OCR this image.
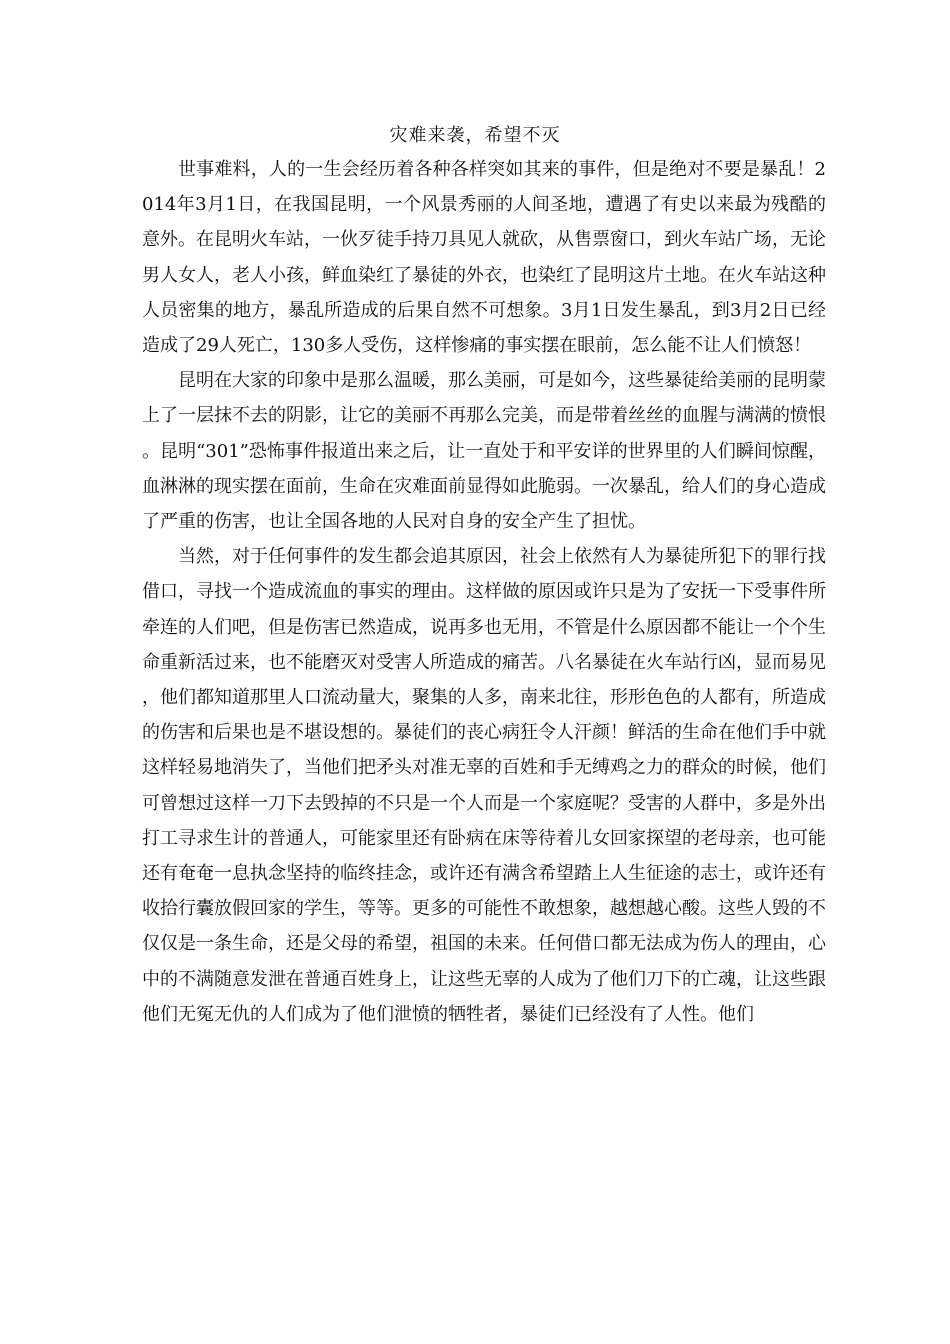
灾难来袭，希望不灭

世事难料，人的一生会经历着各种各样突如其来的事件，但是绝对不要是暴乱！2014年3月1日，在我国昆明，一个风景秀丽的人间圣地，遭遇了有史以来最为残酷的意外。在昆明火车站，一伙歹徒手持刀具见人就砍，从售票窗口，到火车站广场，无论男人女人，老人小孩，鲜血染红了暴徒的外衣，也染红了昆明这片土地。在火车站这种人员密集的地方，暴乱所造成的后果自然不可想象。3月1日发生暴乱，到3月2日已经造成了29人死亡，130多人受伤，这样惨痛的事实摆在眼前，怎么能不让人们愤怒！

昆明在大家的印象中是那么温暖，那么美丽，可是如今，这些暴徒给美丽的昆明蒙上了一层抹不去的阴影，让它的美丽不再那么完美，而是带着丝丝的血腥与满满的愤恨。昆明“301”恐怖事件报道出来之后，让一直处于和平安详的世界里的人们瞬间惊醒，血淋淋的现实摆在面前，生命在灾难面前显得如此脆弱。一次暴乱，给人们的身心造成了严重的伤害，也让全国各地的人民对自身的安全产生了担忧。

当然，对于任何事件的发生都会追其原因，社会上依然有人为暴徒所犯下的罪行找借口，寻找一个造成流血的事实的理由。这样做的原因或许只是为了安抚一下受事件所牵连的人们吧，但是伤害已然造成，说再多也无用，不管是什么原因都不能让一个个生命重新活过来，也不能磨灭对受害人所造成的痛苦。八名暴徒在火车站行凶，显而易见，他们都知道那里人口流动量大，聚集的人多，南来北往，形形色色的人都有，所造成的伤害和后果也是不堪设想的。暴徒们的丧心病狂令人汗颜！鲜活的生命在他们手中就这样轻易地消失了，当他们把矛头对准无辜的百姓和手无缚鸡之力的群众的时候，他们可曾想过这样一刀下去毁掉的不只是一个人而是一个家庭呢？受害的人群中，多是外出打工寻求生计的普通人，可能家里还有卧病在床等待着儿女回家探望的老母亲，也可能还有奄奄一息执念坚持的临终挂念，或许还有满含希望踏上人生征途的志士，或许还有收拾行囊放假回家的学生，等等。更多的可能性不敢想象，越想越心酸。这些人毁的不仅仅是一条生命，还是父母的希望，祖国的未来。任何借口都无法成为伤人的理由，心中的不满随意发泄在普通百姓身上，让这些无辜的人成为了他们刀下的亡魂，让这些跟他们无冤无仇的人们成为了他们泄愤的牺牲者，暴徒们已经没有了人性。他们
